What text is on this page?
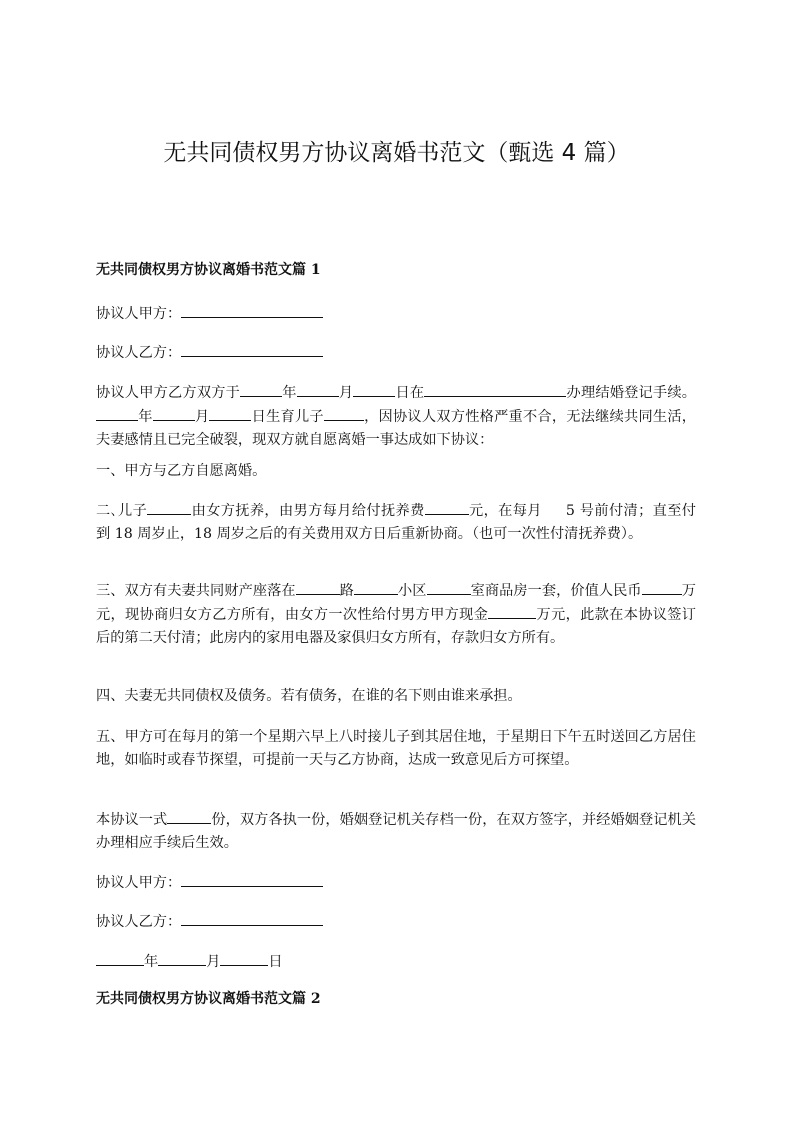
无共同债权男方协议离婚书范文（甄选 4 篇）
无共同债权男方协议离婚书范文篇 1

协议人甲方：

协议人乙方：

协议人甲方乙方双方于	年	月	日在	办理结婚登记手续。年	月	日生育儿子	，因协议人双方性格严重不合，无法继续共同生活，夫妻感情且已完全破裂，现双方就自愿离婚一事达成如下协议：

一、甲方与乙方自愿离婚。

二､儿子	由女方抚养，由男方每月给付抚养费	元，在每月 5 号前付清；直至付到 18 周岁止，18 周岁之后的有关费用双方日后重新协商。（也可一次性付清抚养费）。

三、双方有夫妻共同财产座落在	路	小区	室商品房一套，价值人民币	万元，现协商归女方乙方所有，由女方一次性给付男方甲方现金	万元，此款在本协议签订后的第二天付清；此房内的家用电器及家俱归女方所有，存款归女方所有。

四、夫妻无共同债权及债务。若有债务，在谁的名下则由谁来承担。

五、甲方可在每月的第一个星期六早上八时接儿子到其居住地，于星期日下午五时送回乙方居住地，如临时或春节探望，可提前一天与乙方协商，达成一致意见后方可探望。

本协议一式	份，双方各执一份，婚姻登记机关存档一份，在双方签字，并经婚姻登记机关办理相应手续后生效。

协议人甲方：

协议人乙方：

年	月	日

无共同债权男方协议离婚书范文篇 2
